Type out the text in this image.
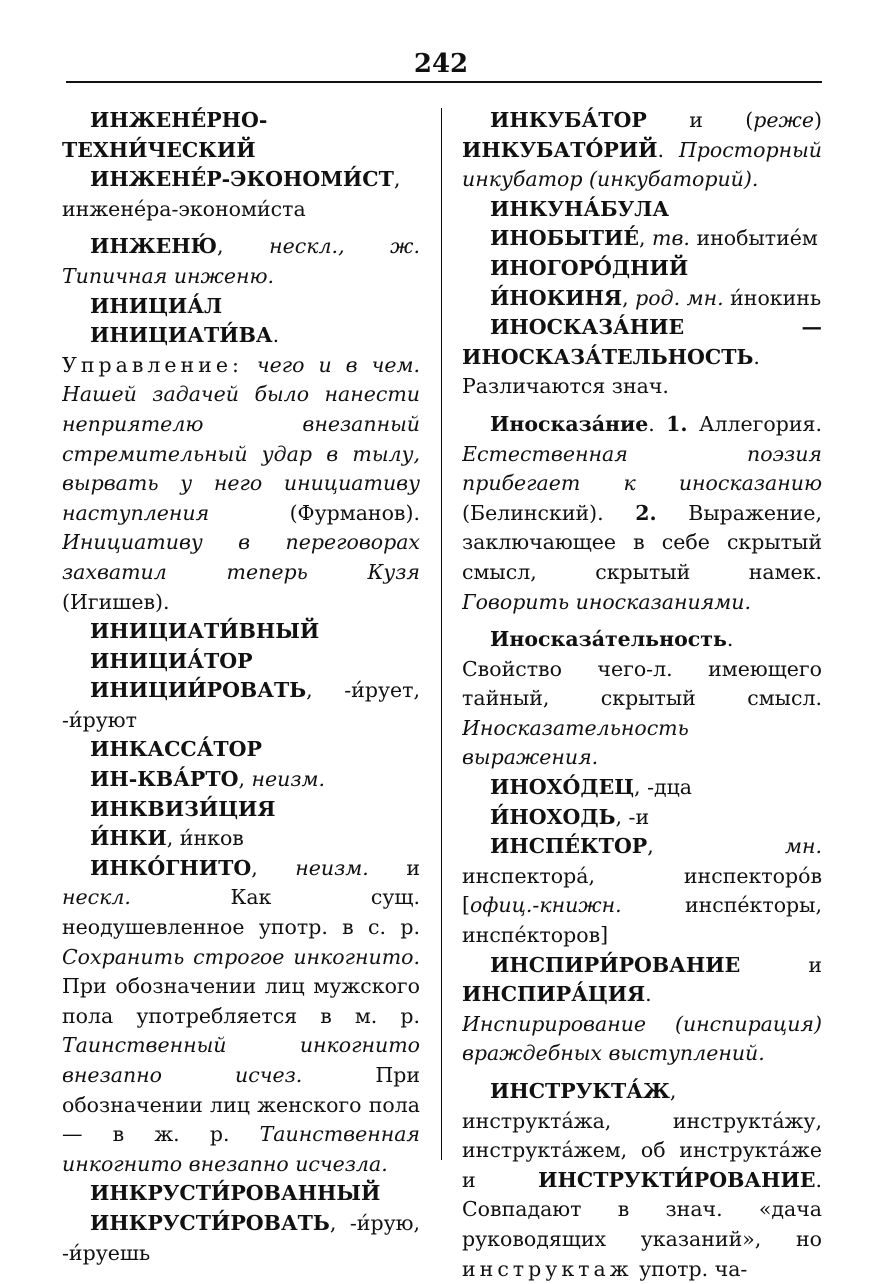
242

ИНЖЕНЕ́РНО-ТЕХНИ́ЧЕСКИЙ

ИНЖЕНЕ́Р-ЭКОНОМИ́СТ, инженéра-экономи́ста

ИНЖЕНЮ́, нескл., ж. Типичная инженю.

ИНИЦИА́Л

ИНИЦИАТИ́ВА. Управление: чего и в чем. Нашей задачей было нанести неприятелю внезапный стремительный удар в тылу, вырвать у него инициативу наступления (Фурманов). Инициативу в переговорах захватил теперь Кузя (Игишев).

ИНИЦИАТИ́ВНЫЙ

ИНИЦИА́ТОР

ИНИЦИИ́РОВАТЬ, -и́рует, -и́руют

ИНКАССА́ТОР

ИН-КВА́РТО, неизм.

ИНКВИЗИ́ЦИЯ

И́НКИ, и́нков

ИНКО́ГНИТО, неизм. и нескл. Как сущ. неодушевленное употр. в с. р. Сохранить строгое инкогнито. При обозначении лиц мужского пола употребляется в м. р. Таинственный инкогнито внезапно исчез. При обозначении лиц женского пола — в ж. р. Таинственная инкогнито внезапно исчезла.

ИНКРУСТИ́РОВАННЫЙ

ИНКРУСТИ́РОВАТЬ, -и́рую, -и́руешь

ИНКУБА́ТОР и (реже) ИНКУБАТО́РИЙ. Просторный инкубатор (инкубаторий).

ИНКУНА́БУЛА

ИНОБЫТИЕ́, тв. инобытиéм

ИНОГОРО́ДНИЙ

И́НОКИНЯ, род. мн. и́нокинь

ИНОСКАЗА́НИЕ — ИНОСКАЗА́ТЕЛЬНОСТЬ. Различаются знач.

Иносказа́ние. 1. Аллегория. Естественная поэзия прибегает к иносказанию (Белинский). 2. Выражение, заключающее в себе скрытый смысл, скрытый намек. Говорить иносказаниями.

Иносказа́тельность. Свойство чего-л. имеющего тайный, скрытый смысл. Иносказательность выражения.

ИНОХО́ДЕЦ, -дца

И́НОХОДЬ, -и

ИНСПЕ́КТОР, мн. инспекторá, инспекторóв [офиц.-книжн. инспéкторы, инспéкторов]

ИНСПИРИ́РОВАНИЕ и ИНСПИРА́ЦИЯ. Инспирирование (инспирация) враждебных выступлений.

ИНСТРУКТА́Ж, инструктáжа, инструктáжу, инструктáжем, об инструктáже и ИНСТРУКТИ́РОВАНИЕ. Совпадают в знач. «дача руководящих указаний», но инструктаж употр. ча-
